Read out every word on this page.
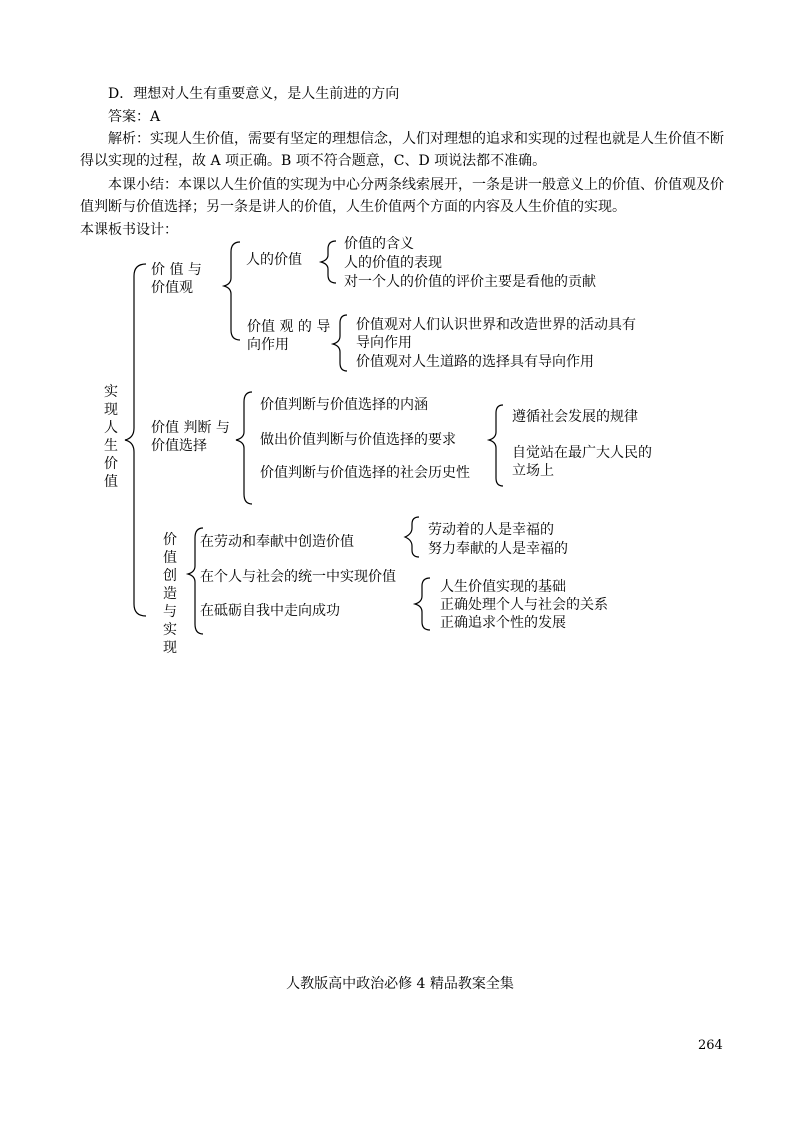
D．理想对人生有重要意义，是人生前进的方向
答案：A
解析：实现人生价值，需要有坚定的理想信念，人们对理想的追求和实现的过程也就是人生价值不断得以实现的过程，故 A 项正确。B 项不符合题意，C、D 项说法都不准确。
本课小结：本课以人生价值的实现为中心分两条线索展开，一条是讲一般意义上的价值、价值观及价值判断与价值选择；另一条是讲人的价值，人生价值两个方面的内容及人生价值的实现。
本课板书设计：
实现人生价值
价 值 与
价值观
人的价值
价值的含义
人的价值的表现
对一个人的价值的评价主要是看他的贡献
价值 观 的 导
向作用
价值观对人们认识世界和改造世界的活动具有
导向作用
价值观对人生道路的选择具有导向作用
价值 判断 与
价值选择
价值判断与价值选择的内涵
做出价值判断与价值选择的要求
价值判断与价值选择的社会历史性
遵循社会发展的规律
自觉站在最广大人民的
立场上
价值创造与实现
在劳动和奉献中创造价值
在个人与社会的统一中实现价值
在砥砺自我中走向成功
劳动着的人是幸福的
努力奉献的人是幸福的
人生价值实现的基础
正确处理个人与社会的关系
正确追求个性的发展
人教版高中政治必修 4 精品教案全集
264
